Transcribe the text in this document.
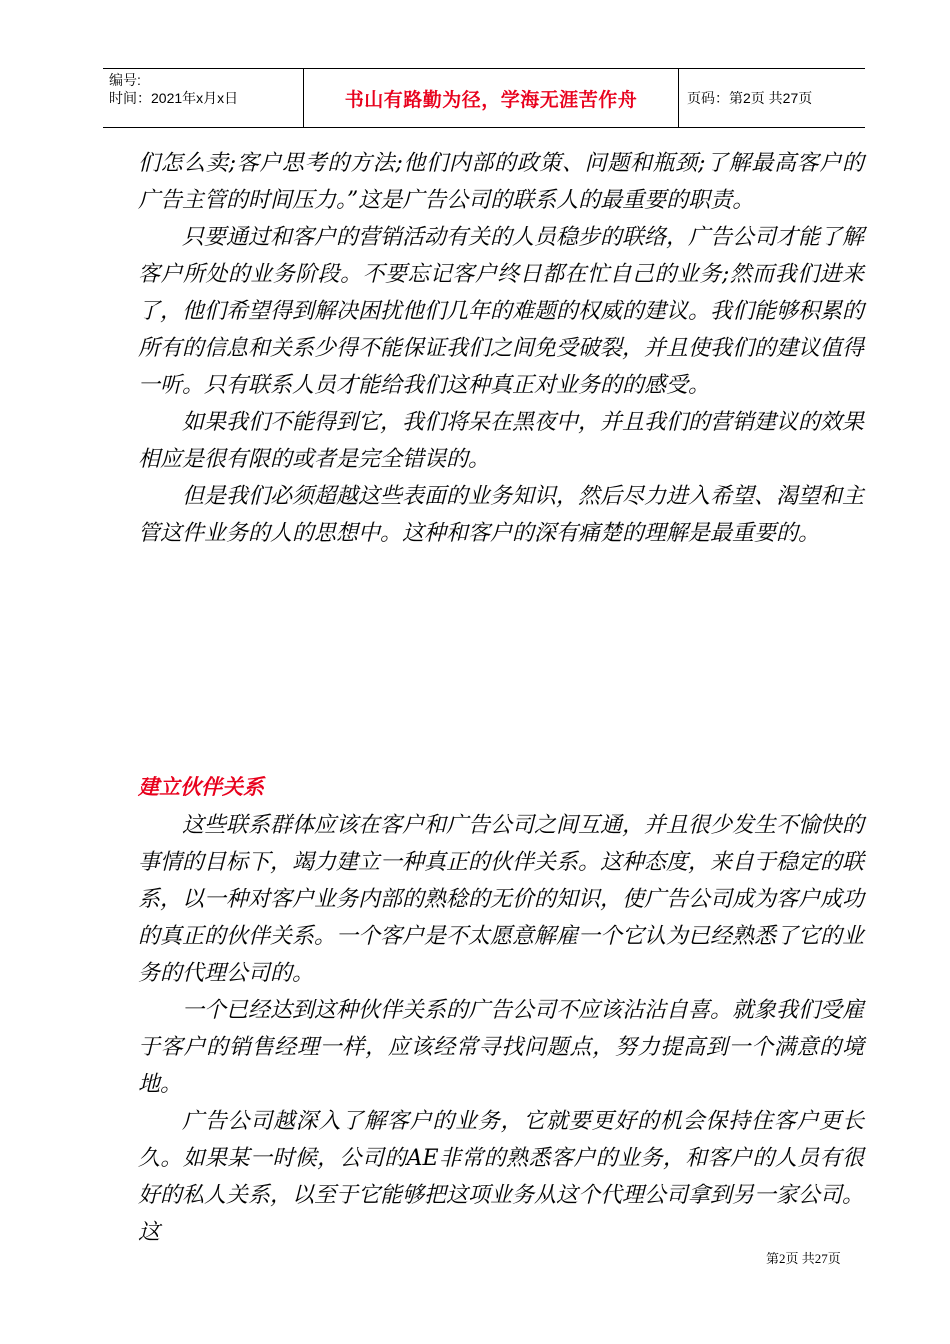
编号:
时间：2021年x月x日	书山有路勤为径，学海无涯苦作舟	页码：第2页 共27页

们怎么卖;客户思考的方法;他们内部的政策、问题和瓶颈;了解最高客户的广告主管的时间压力。”这是广告公司的联系人的最重要的职责。

只要通过和客户的营销活动有关的人员稳步的联络，广告公司才能了解客户所处的业务阶段。不要忘记客户终日都在忙自己的业务;然而我们进来了，他们希望得到解决困扰他们几年的难题的权威的建议。我们能够积累的所有的信息和关系少得不能保证我们之间免受破裂，并且使我们的建议值得一听。只有联系人员才能给我们这种真正对业务的的感受。

如果我们不能得到它，我们将呆在黑夜中，并且我们的营销建议的效果相应是很有限的或者是完全错误的。

但是我们必须超越这些表面的业务知识，然后尽力进入希望、渴望和主管这件业务的人的思想中。这种和客户的深有痛楚的理解是最重要的。

建立伙伴关系

这些联系群体应该在客户和广告公司之间互通，并且很少发生不愉快的事情的目标下，竭力建立一种真正的伙伴关系。这种态度，来自于稳定的联系，以一种对客户业务内部的熟稔的无价的知识，使广告公司成为客户成功的真正的伙伴关系。一个客户是不太愿意解雇一个它认为已经熟悉了它的业务的代理公司的。

一个已经达到这种伙伴关系的广告公司不应该沾沾自喜。就象我们受雇于客户的销售经理一样，应该经常寻找问题点，努力提高到一个满意的境地。

广告公司越深入了解客户的业务，它就要更好的机会保持住客户更长久。如果某一时候，公司的AE非常的熟悉客户的业务，和客户的人员有很好的私人关系，以至于它能够把这项业务从这个代理公司拿到另一家公司。这

第2页 共27页
